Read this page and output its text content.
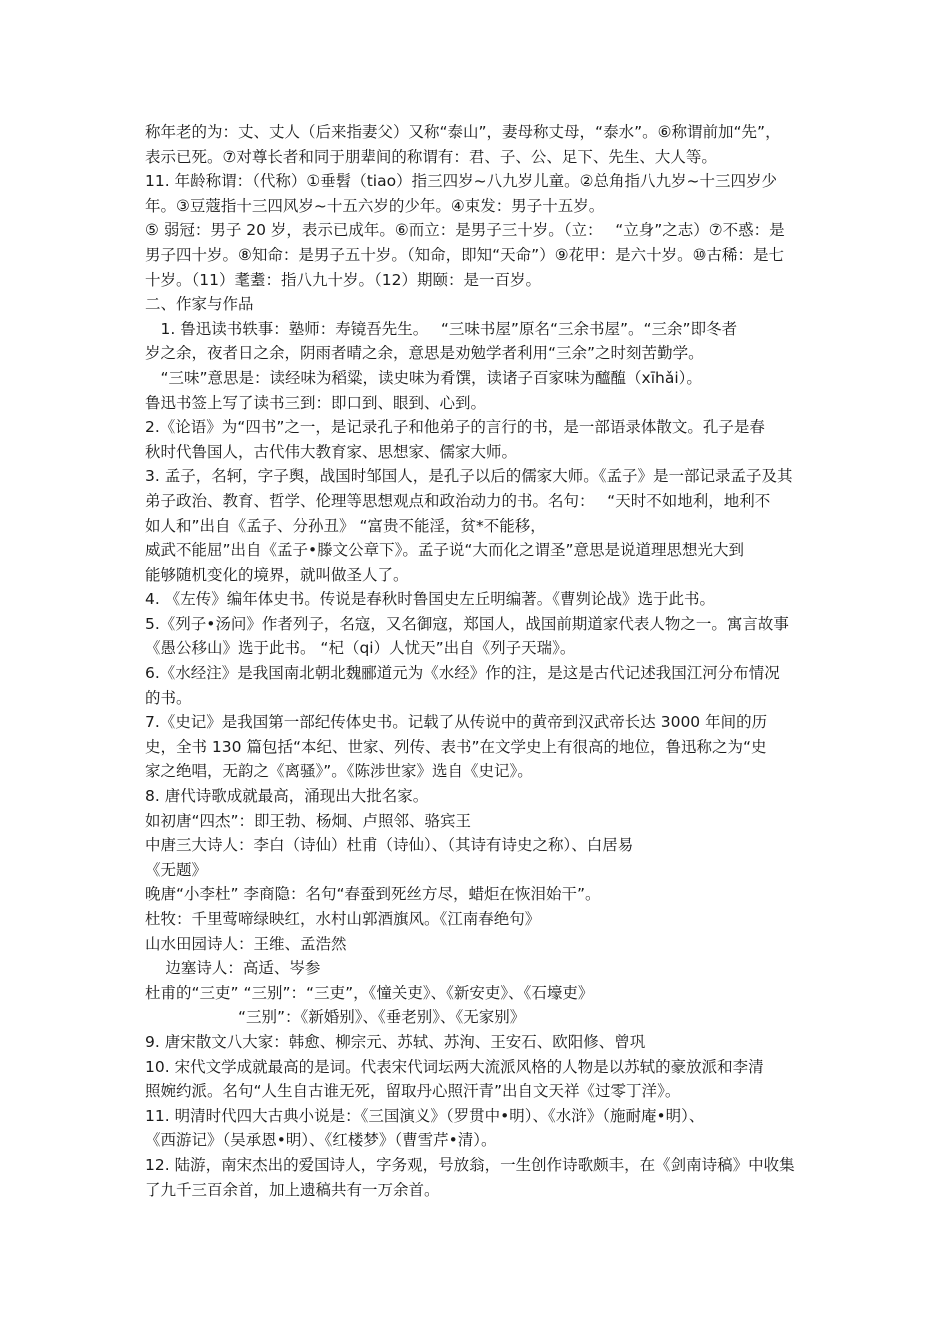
称年老的为：丈、丈人（后来指妻父）又称“泰山”，妻母称丈母，“泰水”。⑥称谓前加“先”，
表示已死。⑦对尊长者和同于朋辈间的称谓有：君、子、公、足下、先生、大人等。
11. 年龄称谓：（代称）①垂髫（tiao）指三四岁~八九岁儿童。②总角指八九岁~十三四岁少
年。③豆蔻指十三四风岁~十五六岁的少年。④束发：男子十五岁。
⑤ 弱冠：男子 20 岁，表示已成年。⑥而立：是男子三十岁。（立：　 “立身”之志）⑦不惑：是
男子四十岁。⑧知命：是男子五十岁。（知命，即知“天命”）⑨花甲：是六十岁。⑩古稀：是七
十岁。（11）耄耋：指八九十岁。（12）期颐：是一百岁。
二、作家与作品
　1. 鲁迅读书轶事：塾师：寿镜吾先生。　 “三味书屋”原名“三余书屋”。“三余”即冬者
岁之余，夜者日之余，阴雨者晴之余，意思是劝勉学者利用“三余”之时刻苦勤学。
　“三味”意思是：读经味为稻粱，读史味为肴馔，读诸子百家味为醯醢（xīhǎi）。
鲁迅书签上写了读书三到：即口到、眼到、心到。
2.《论语》为“四书”之一，是记录孔子和他弟子的言行的书，是一部语录体散文。孔子是春
秋时代鲁国人，古代伟大教育家、思想家、儒家大师。
3. 孟子，名轲，字子舆，战国时邹国人，是孔子以后的儒家大师。《孟子》是一部记录孟子及其
弟子政治、教育、哲学、伦理等思想观点和政治动力的书。名句：　 “天时不如地利，地利不
如人和”出自《孟子、分孙丑》 “富贵不能淫，贫*不能移，
威武不能屈”出自《孟子•滕文公章下》。孟子说“大而化之谓圣”意思是说道理思想光大到
能够随机变化的境界，就叫做圣人了。
4. 《左传》编年体史书。传说是春秋时鲁国史左丘明编著。《曹刿论战》选于此书。
5.《列子•汤问》作者列子，名寇，又名御寇，郑国人，战国前期道家代表人物之一。寓言故事
《愚公移山》选于此书。 “杞（qi）人忧天”出自《列子天瑞》。
6.《水经注》是我国南北朝北魏郦道元为《水经》作的注，是这是古代记述我国江河分布情况
的书。
7.《史记》是我国第一部纪传体史书。记载了从传说中的黄帝到汉武帝长达 3000 年间的历
史，全书 130 篇包括“本纪、世家、列传、表书”在文学史上有很高的地位，鲁迅称之为“史
家之绝唱，无韵之《离骚》”。《陈涉世家》选自《史记》。
8. 唐代诗歌成就最高，涌现出大批名家。
如初唐“四杰”：即王勃、杨炯、卢照邻、骆宾王
中唐三大诗人：李白（诗仙）杜甫（诗仙）、（其诗有诗史之称）、白居易
《无题》
晚唐“小李杜” 李商隐：名句“春蚕到死丝方尽，蜡炬在恢泪始干”。
杜牧：千里莺啼绿映红，水村山郭酒旗风。《江南春绝句》
山水田园诗人：王维、孟浩然
　 边塞诗人：高适、岑参
杜甫的“三吏” “三别”：“三吏”，《憧关吏》、《新安吏》、《石壕吏》
　　　　　　“三别”：《新婚别》、《垂老别》、《无家别》
9. 唐宋散文八大家：韩愈、柳宗元、苏轼、苏洵、王安石、欧阳修、曾巩
10. 宋代文学成就最高的是词。代表宋代词坛两大流派风格的人物是以苏轼的豪放派和李清
照婉约派。名句“人生自古谁无死，留取丹心照汗青”出自文天祥《过零丁洋》。
11. 明清时代四大古典小说是：《三国演义》（罗贯中•明）、《水浒》（施耐庵•明）、
《西游记》（吴承恩•明）、《红楼梦》（曹雪芹•清）。
12. 陆游，南宋杰出的爱国诗人，字务观，号放翁，一生创作诗歌颇丰，在《剑南诗稿》中收集
了九千三百余首，加上遗稿共有一万余首。
